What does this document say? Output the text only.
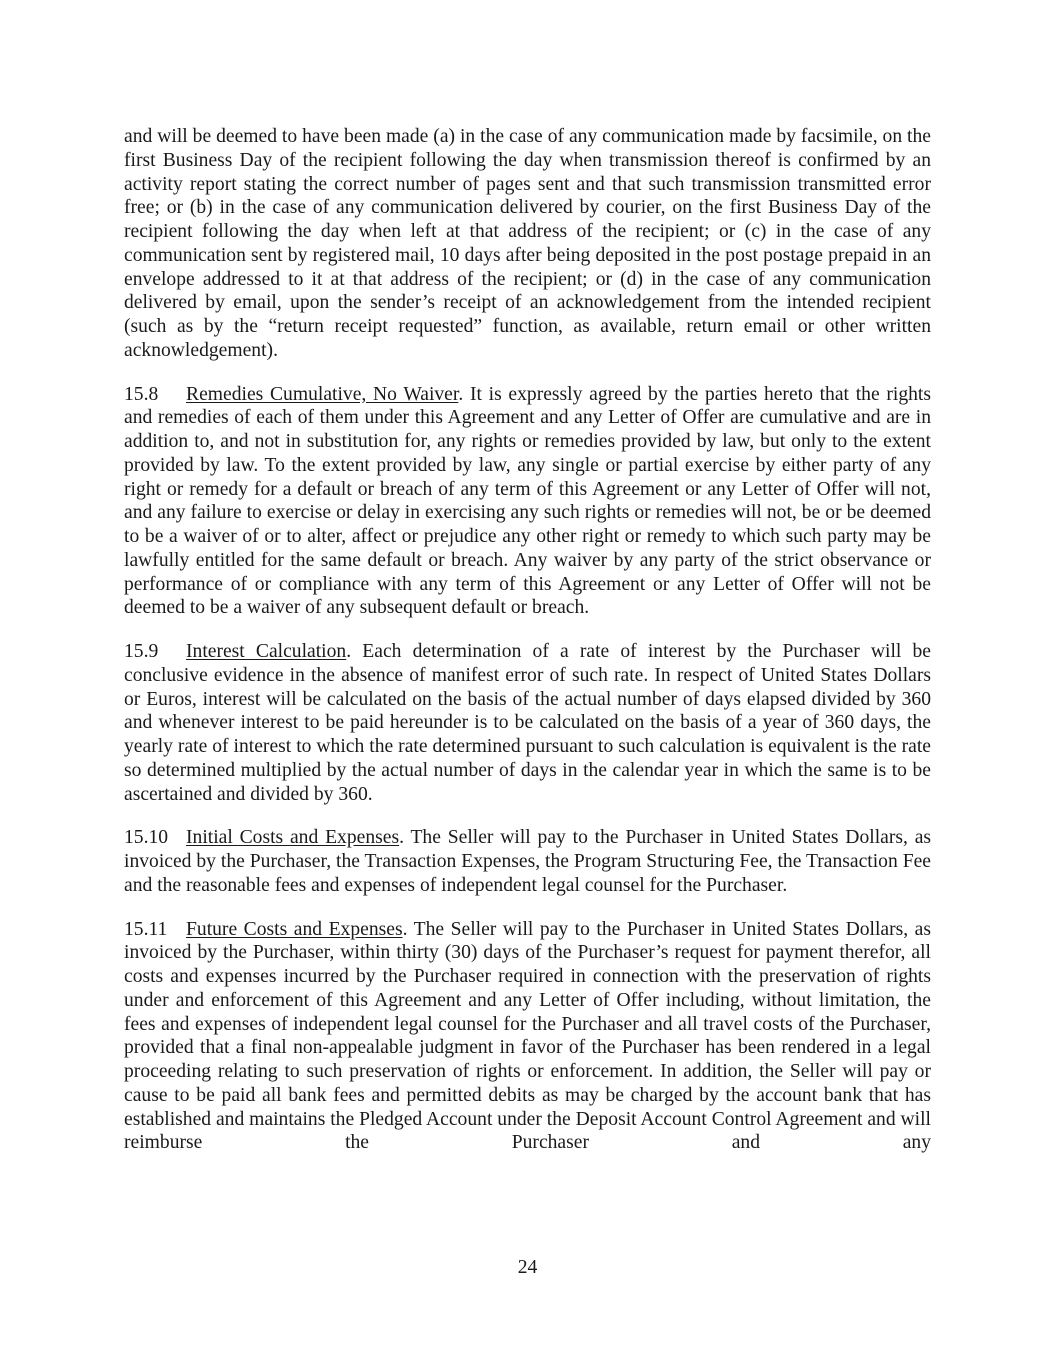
and will be deemed to have been made (a) in the case of any communication made by facsimile, on the first Business Day of the recipient following the day when transmission thereof is confirmed by an activity report stating the correct number of pages sent and that such transmission transmitted error free; or (b) in the case of any communication delivered by courier, on the first Business Day of the recipient following the day when left at that address of the recipient; or (c) in the case of any communication sent by registered mail, 10 days after being deposited in the post postage prepaid in an envelope addressed to it at that address of the recipient; or (d) in the case of any communication delivered by email, upon the sender’s receipt of an acknowledgement from the intended recipient (such as by the “return receipt requested” function, as available, return email or other written acknowledgement).

15.8 Remedies Cumulative, No Waiver. It is expressly agreed by the parties hereto that the rights and remedies of each of them under this Agreement and any Letter of Offer are cumulative and are in addition to, and not in substitution for, any rights or remedies provided by law, but only to the extent provided by law. To the extent provided by law, any single or partial exercise by either party of any right or remedy for a default or breach of any term of this Agreement or any Letter of Offer will not, and any failure to exercise or delay in exercising any such rights or remedies will not, be or be deemed to be a waiver of or to alter, affect or prejudice any other right or remedy to which such party may be lawfully entitled for the same default or breach. Any waiver by any party of the strict observance or performance of or compliance with any term of this Agreement or any Letter of Offer will not be deemed to be a waiver of any subsequent default or breach.

15.9 Interest Calculation. Each determination of a rate of interest by the Purchaser will be conclusive evidence in the absence of manifest error of such rate. In respect of United States Dollars or Euros, interest will be calculated on the basis of the actual number of days elapsed divided by 360 and whenever interest to be paid hereunder is to be calculated on the basis of a year of 360 days, the yearly rate of interest to which the rate determined pursuant to such calculation is equivalent is the rate so determined multiplied by the actual number of days in the calendar year in which the same is to be ascertained and divided by 360.

15.10 Initial Costs and Expenses. The Seller will pay to the Purchaser in United States Dollars, as invoiced by the Purchaser, the Transaction Expenses, the Program Structuring Fee, the Transaction Fee and the reasonable fees and expenses of independent legal counsel for the Purchaser.

15.11 Future Costs and Expenses. The Seller will pay to the Purchaser in United States Dollars, as invoiced by the Purchaser, within thirty (30) days of the Purchaser’s request for payment therefor, all costs and expenses incurred by the Purchaser required in connection with the preservation of rights under and enforcement of this Agreement and any Letter of Offer including, without limitation, the fees and expenses of independent legal counsel for the Purchaser and all travel costs of the Purchaser, provided that a final non-appealable judgment in favor of the Purchaser has been rendered in a legal proceeding relating to such preservation of rights or enforcement. In addition, the Seller will pay or cause to be paid all bank fees and permitted debits as may be charged by the account bank that has established and maintains the Pledged Account under the Deposit Account Control Agreement and will reimburse the Purchaser and any

24
